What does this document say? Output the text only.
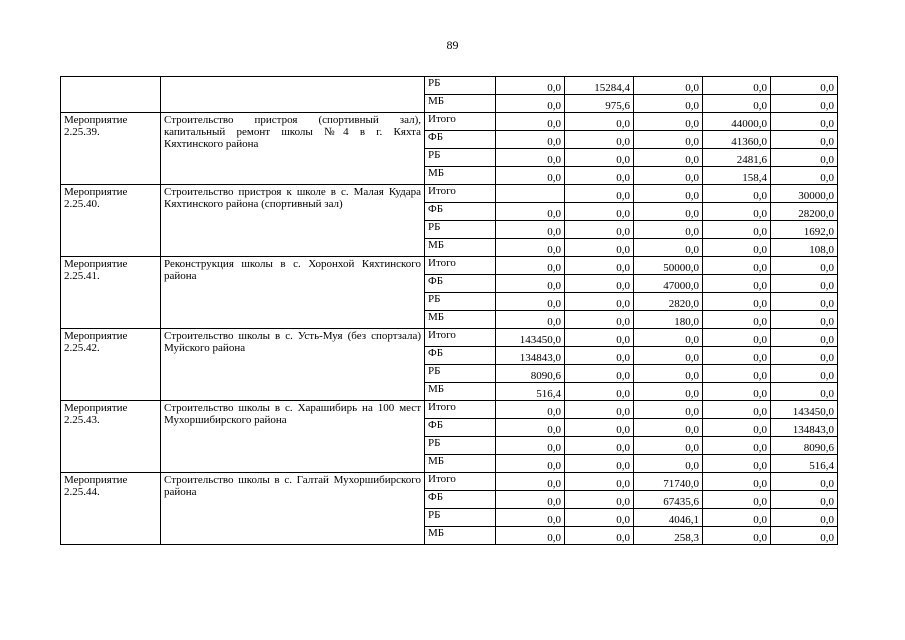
89
		РБ	0,0	15284,4	0,0	0,0	0,0
		МБ	0,0	975,6	0,0	0,0	0,0
Мероприятие 2.25.39.	Строительство пристроя (спортивный зал), капитальный ремонт школы №4 в г. Кяхта Кяхтинского района	Итого	0,0	0,0	0,0	44000,0	0,0
		ФБ	0,0	0,0	0,0	41360,0	0,0
		РБ	0,0	0,0	0,0	2481,6	0,0
		МБ	0,0	0,0	0,0	158,4	0,0
Мероприятие 2.25.40.	Строительство пристроя к школе в с. Малая Кудара Кяхтинского района (спортивный зал)	Итого		0,0	0,0	0,0	30000,0
		ФБ	0,0	0,0	0,0	0,0	28200,0
		РБ	0,0	0,0	0,0	0,0	1692,0
		МБ	0,0	0,0	0,0	0,0	108,0
Мероприятие 2.25.41.	Реконструкция школы в с. Хоронхой Кяхтинского района	Итого	0,0	0,0	50000,0	0,0	0,0
		ФБ	0,0	0,0	47000,0	0,0	0,0
		РБ	0,0	0,0	2820,0	0,0	0,0
		МБ	0,0	0,0	180,0	0,0	0,0
Мероприятие 2.25.42.	Строительство школы в с. Усть-Муя (без спортзала) Муйского района	Итого	143450,0	0,0	0,0	0,0	0,0
		ФБ	134843,0	0,0	0,0	0,0	0,0
		РБ	8090,6	0,0	0,0	0,0	0,0
		МБ	516,4	0,0	0,0	0,0	0,0
Мероприятие 2.25.43.	Строительство школы в с. Харашибирь на 100 мест Мухоршибирского района	Итого	0,0	0,0	0,0	0,0	143450,0
		ФБ	0,0	0,0	0,0	0,0	134843,0
		РБ	0,0	0,0	0,0	0,0	8090,6
		МБ	0,0	0,0	0,0	0,0	516,4
Мероприятие 2.25.44.	Строительство школы в с. Галтай Мухоршибирского района	Итого	0,0	0,0	71740,0	0,0	0,0
		ФБ	0,0	0,0	67435,6	0,0	0,0
		РБ	0,0	0,0	4046,1	0,0	0,0
		МБ	0,0	0,0	258,3	0,0	0,0
